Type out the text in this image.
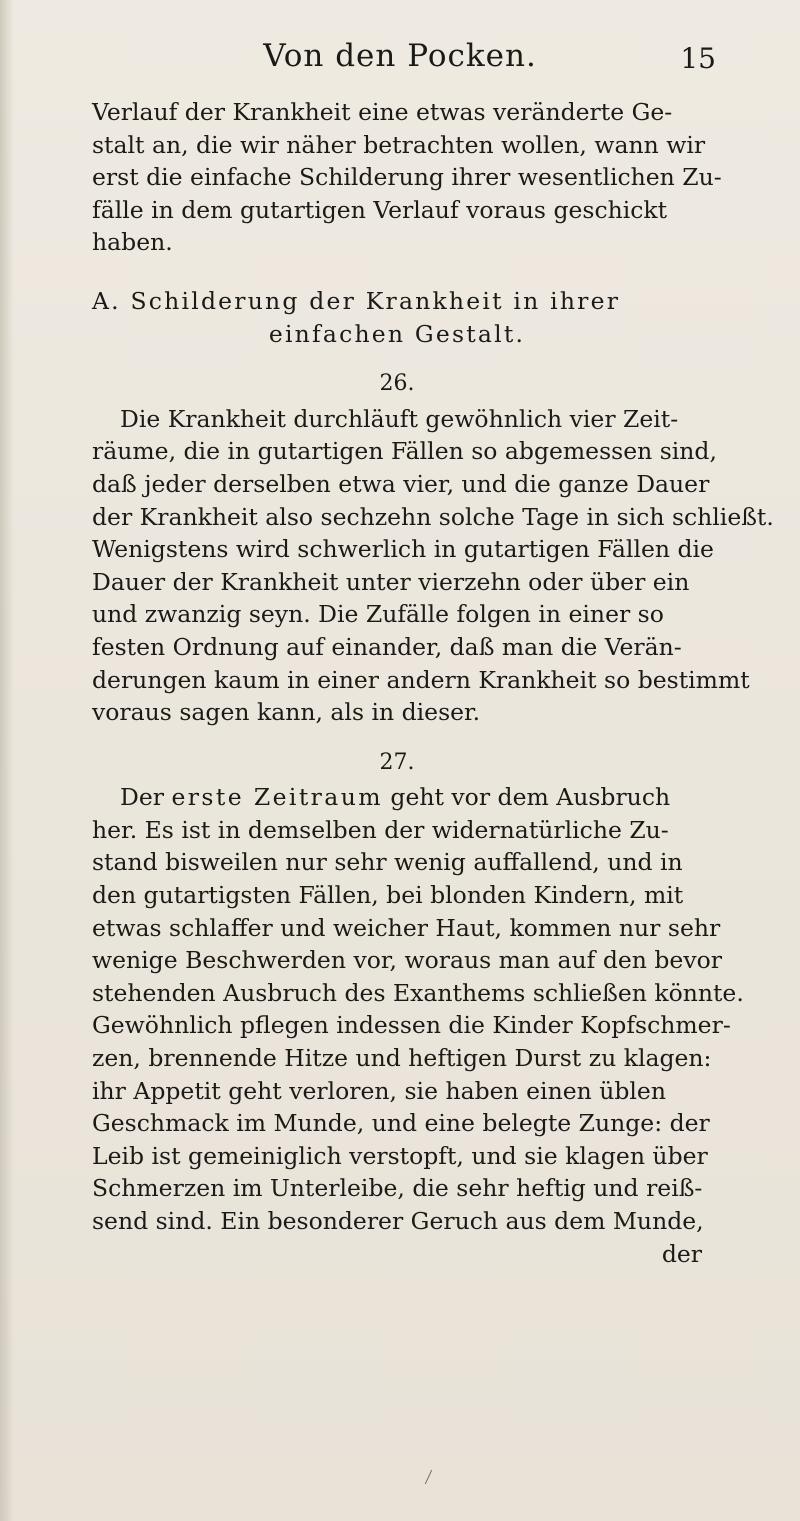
Von den Pocken.	15
Verlauf der Krankheit eine etwas veränderte Ge-
stalt an, die wir näher betrachten wollen, wann wir
erst die einfache Schilderung ihrer wesentlichen Zu-
fälle in dem gutartigen Verlauf voraus geschickt
haben.
A. Schilderung der Krankheit in ihrer
einfachen Gestalt.
26.
Die Krankheit durchläuft gewöhnlich vier Zeit-
räume, die in gutartigen Fällen so abgemessen sind,
daß jeder derselben etwa vier, und die ganze Dauer
der Krankheit also sechzehn solche Tage in sich schließt.
Wenigstens wird schwerlich in gutartigen Fällen die
Dauer der Krankheit unter vierzehn oder über ein
und zwanzig seyn. Die Zufälle folgen in einer so
festen Ordnung auf einander, daß man die Verän-
derungen kaum in einer andern Krankheit so bestimmt
voraus sagen kann, als in dieser.
27.
Der erste Zeitraum geht vor dem Ausbruch
her. Es ist in demselben der widernatürliche Zu-
stand bisweilen nur sehr wenig auffallend, und in
den gutartigsten Fällen, bei blonden Kindern, mit
etwas schlaffer und weicher Haut, kommen nur sehr
wenige Beschwerden vor, woraus man auf den bevor
stehenden Ausbruch des Exanthems schließen könnte.
Gewöhnlich pflegen indessen die Kinder Kopfschmer-
zen, brennende Hitze und heftigen Durst zu klagen:
ihr Appetit geht verloren, sie haben einen üblen
Geschmack im Munde, und eine belegte Zunge: der
Leib ist gemeiniglich verstopft, und sie klagen über
Schmerzen im Unterleibe, die sehr heftig und reiß-
send sind. Ein besonderer Geruch aus dem Munde,
der
